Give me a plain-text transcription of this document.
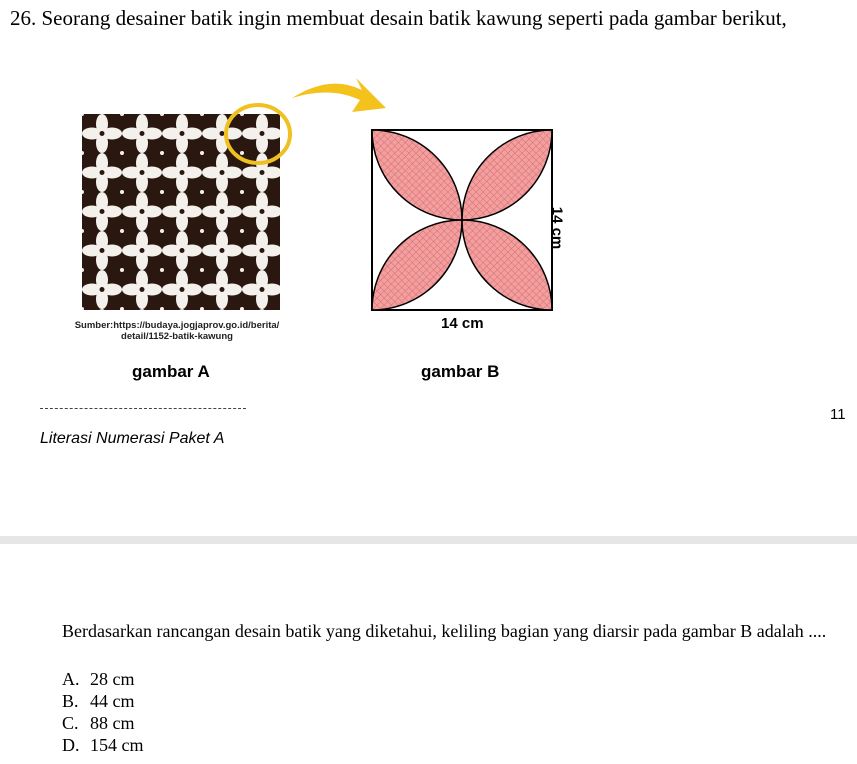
26. Seorang desainer batik ingin membuat desain batik kawung seperti pada gambar berikut,
Sumber:https://budaya.jogjaprov.go.id/berita/
detail/1152-batik-kawung
14 cm
14 cm
gambar A	gambar B
11
Literasi Numerasi Paket A
Berdasarkan rancangan desain batik yang diketahui, keliling bagian yang diarsir pada gambar B adalah ....
A. 28 cm
B. 44 cm
C. 88 cm
D. 154 cm
